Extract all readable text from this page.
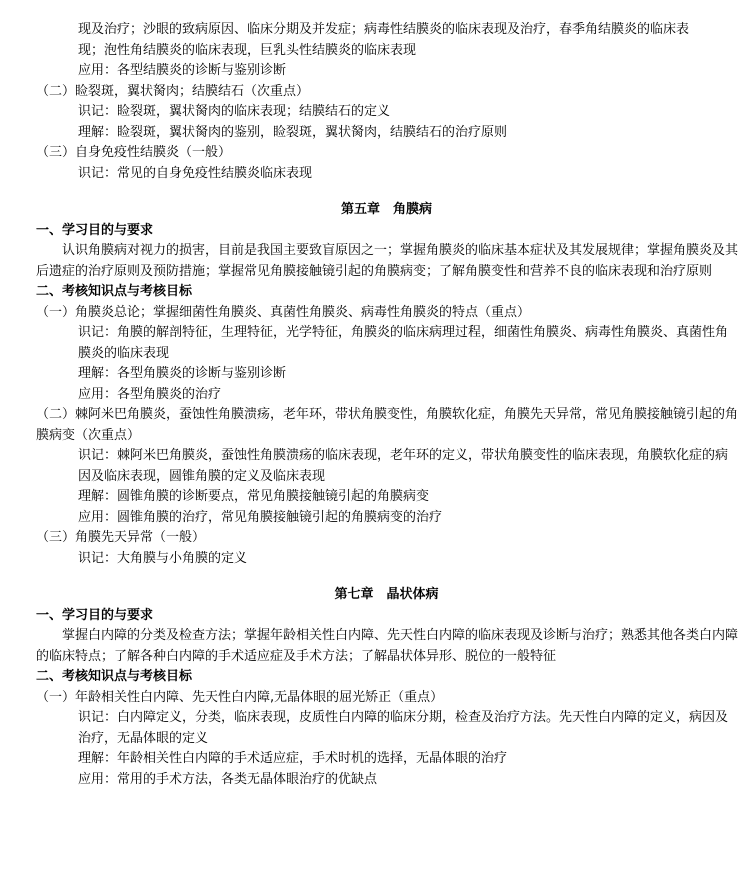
现及治疗；沙眼的致病原因、临床分期及并发症；病毒性结膜炎的临床表现及治疗，春季角结膜炎的临床表

现；泡性角结膜炎的临床表现，巨乳头性结膜炎的临床表现

应用：各型结膜炎的诊断与鉴别诊断

（二）睑裂斑，翼状胬肉；结膜结石（次重点）

识记：睑裂斑，翼状胬肉的临床表现；结膜结石的定义

理解：睑裂斑，翼状胬肉的鉴别，睑裂斑，翼状胬肉，结膜结石的治疗原则

（三）自身免疫性结膜炎（一般）

识记：常见的自身免疫性结膜炎临床表现

第五章　角膜病

一、学习目的与要求

认识角膜病对视力的损害，目前是我国主要致盲原因之一；掌握角膜炎的临床基本症状及其发展规律；掌握角膜炎及其后遗症的治疗原则及预防措施；掌握常见角膜接触镜引起的角膜病变；了解角膜变性和营养不良的临床表现和治疗原则

二、考核知识点与考核目标

（一）角膜炎总论；掌握细菌性角膜炎、真菌性角膜炎、病毒性角膜炎的特点（重点）

识记：角膜的解剖特征，生理特征，光学特征，角膜炎的临床病理过程，细菌性角膜炎、病毒性角膜炎、真菌性角膜炎的临床表现

理解：各型角膜炎的诊断与鉴别诊断

应用：各型角膜炎的治疗

（二）棘阿米巴角膜炎，蚕蚀性角膜溃疡，老年环，带状角膜变性，角膜软化症，角膜先天异常，常见角膜接触镜引起的角膜病变（次重点）

识记：棘阿米巴角膜炎，蚕蚀性角膜溃疡的临床表现，老年环的定义，带状角膜变性的临床表现，角膜软化症的病因及临床表现，圆锥角膜的定义及临床表现

理解：圆锥角膜的诊断要点，常见角膜接触镜引起的角膜病变

应用：圆锥角膜的治疗，常见角膜接触镜引起的角膜病变的治疗

（三）角膜先天异常（一般）

识记：大角膜与小角膜的定义

第七章　晶状体病

一、学习目的与要求

掌握白内障的分类及检查方法；掌握年龄相关性白内障、先天性白内障的临床表现及诊断与治疗；熟悉其他各类白内障的临床特点；了解各种白内障的手术适应症及手术方法；了解晶状体异形、脱位的一般特征

二、考核知识点与考核目标

（一）年龄相关性白内障、先天性白内障,无晶体眼的屈光矫正（重点）

识记：白内障定义，分类，临床表现，皮质性白内障的临床分期，检查及治疗方法。先天性白内障的定义，病因及治疗，无晶体眼的定义

理解：年龄相关性白内障的手术适应症，手术时机的选择，无晶体眼的治疗

应用：常用的手术方法，各类无晶体眼治疗的优缺点
